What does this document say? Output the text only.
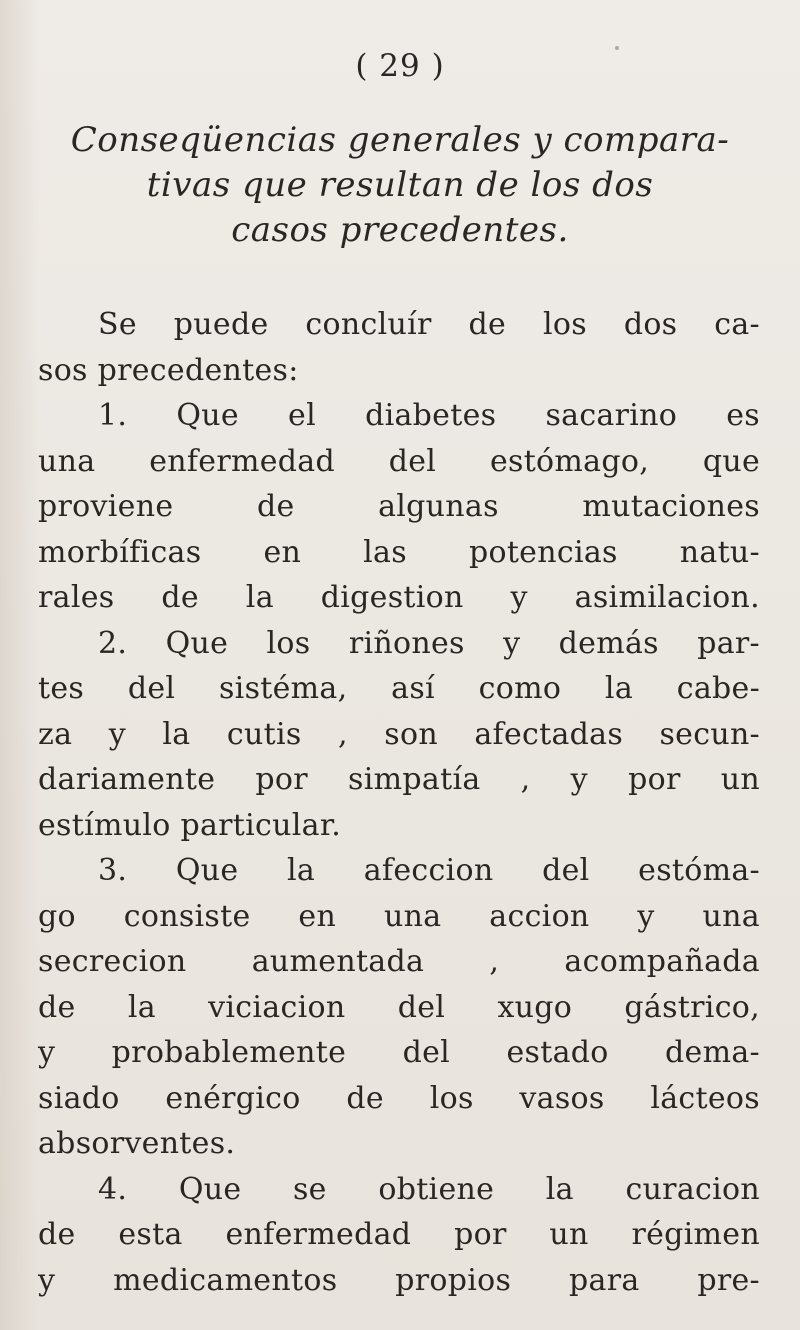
( 29 )
Conseqüencias generales y compara-
tivas que resultan de los dos
casos precedentes.
Se puede concluír de los dos ca-
sos precedentes:
1. Que el diabetes sacarino es
una enfermedad del estómago, que
proviene de algunas mutaciones
morbíficas en las potencias natu-
rales de la digestion y asimilacion.
2. Que los riñones y demás par-
tes del sistéma, así como la cabe-
za y la cutis , son afectadas secun-
dariamente por simpatía , y por un
estímulo particular.
3. Que la afeccion del estóma-
go consiste en una accion y una
secrecion aumentada , acompañada
de la viciacion del xugo gástrico,
y probablemente del estado dema-
siado enérgico de los vasos lácteos
absorventes.
4. Que se obtiene la curacion
de esta enfermedad por un régimen
y medicamentos propios para pre-
